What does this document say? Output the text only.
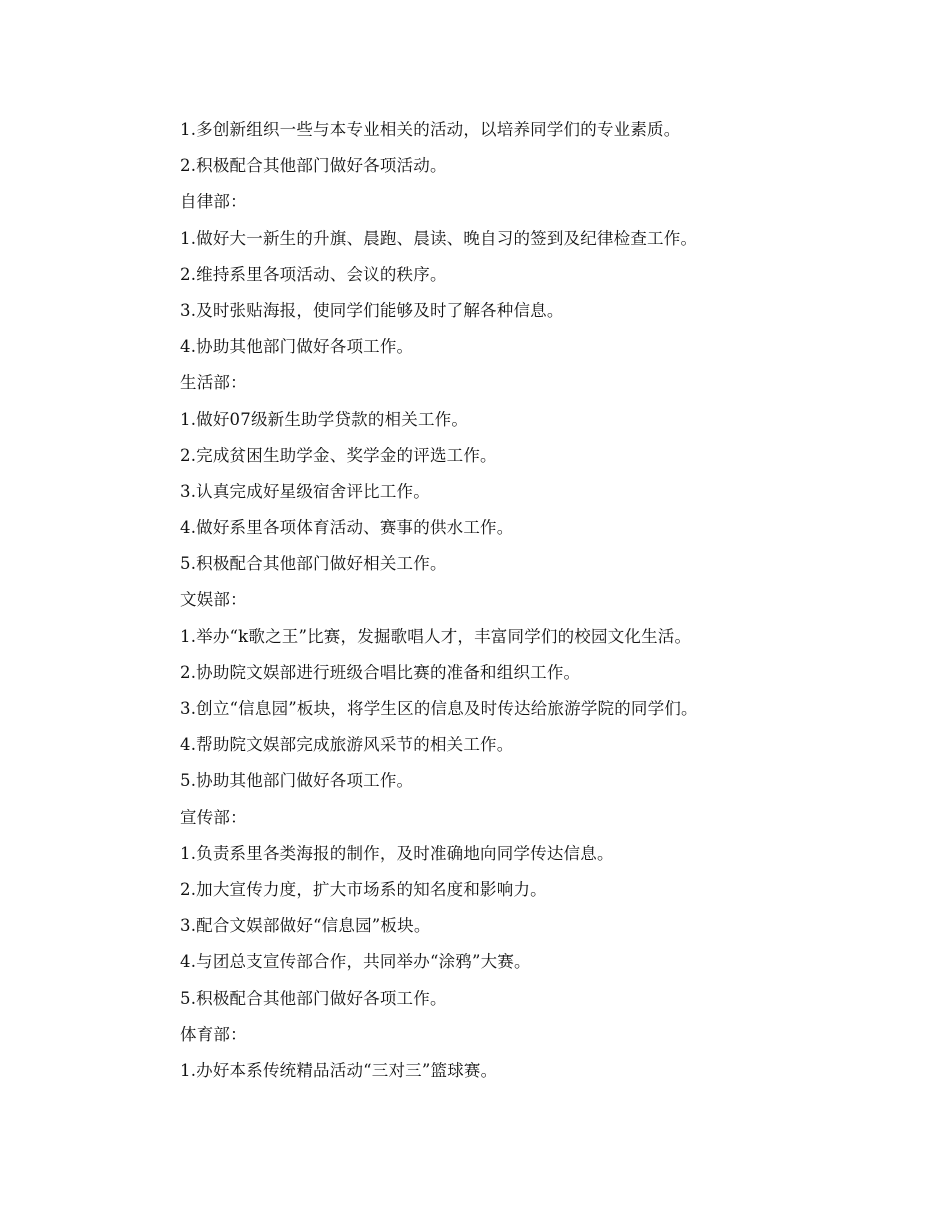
1.多创新组织一些与本专业相关的活动，以培养同学们的专业素质。
2.积极配合其他部门做好各项活动。
自律部：
1.做好大一新生的升旗、晨跑、晨读、晚自习的签到及纪律检查工作。
2.维持系里各项活动、会议的秩序。
3.及时张贴海报，使同学们能够及时了解各种信息。
4.协助其他部门做好各项工作。
生活部：
1.做好07级新生助学贷款的相关工作。
2.完成贫困生助学金、奖学金的评选工作。
3.认真完成好星级宿舍评比工作。
4.做好系里各项体育活动、赛事的供水工作。
5.积极配合其他部门做好相关工作。
文娱部：
1.举办“k歌之王”比赛，发掘歌唱人才，丰富同学们的校园文化生活。
2.协助院文娱部进行班级合唱比赛的准备和组织工作。
3.创立“信息园”板块，将学生区的信息及时传达给旅游学院的同学们。
4.帮助院文娱部完成旅游风采节的相关工作。
5.协助其他部门做好各项工作。
宣传部：
1.负责系里各类海报的制作，及时准确地向同学传达信息。
2.加大宣传力度，扩大市场系的知名度和影响力。
3.配合文娱部做好“信息园”板块。
4.与团总支宣传部合作，共同举办“涂鸦”大赛。
5.积极配合其他部门做好各项工作。
体育部：
1.办好本系传统精品活动“三对三”篮球赛。
